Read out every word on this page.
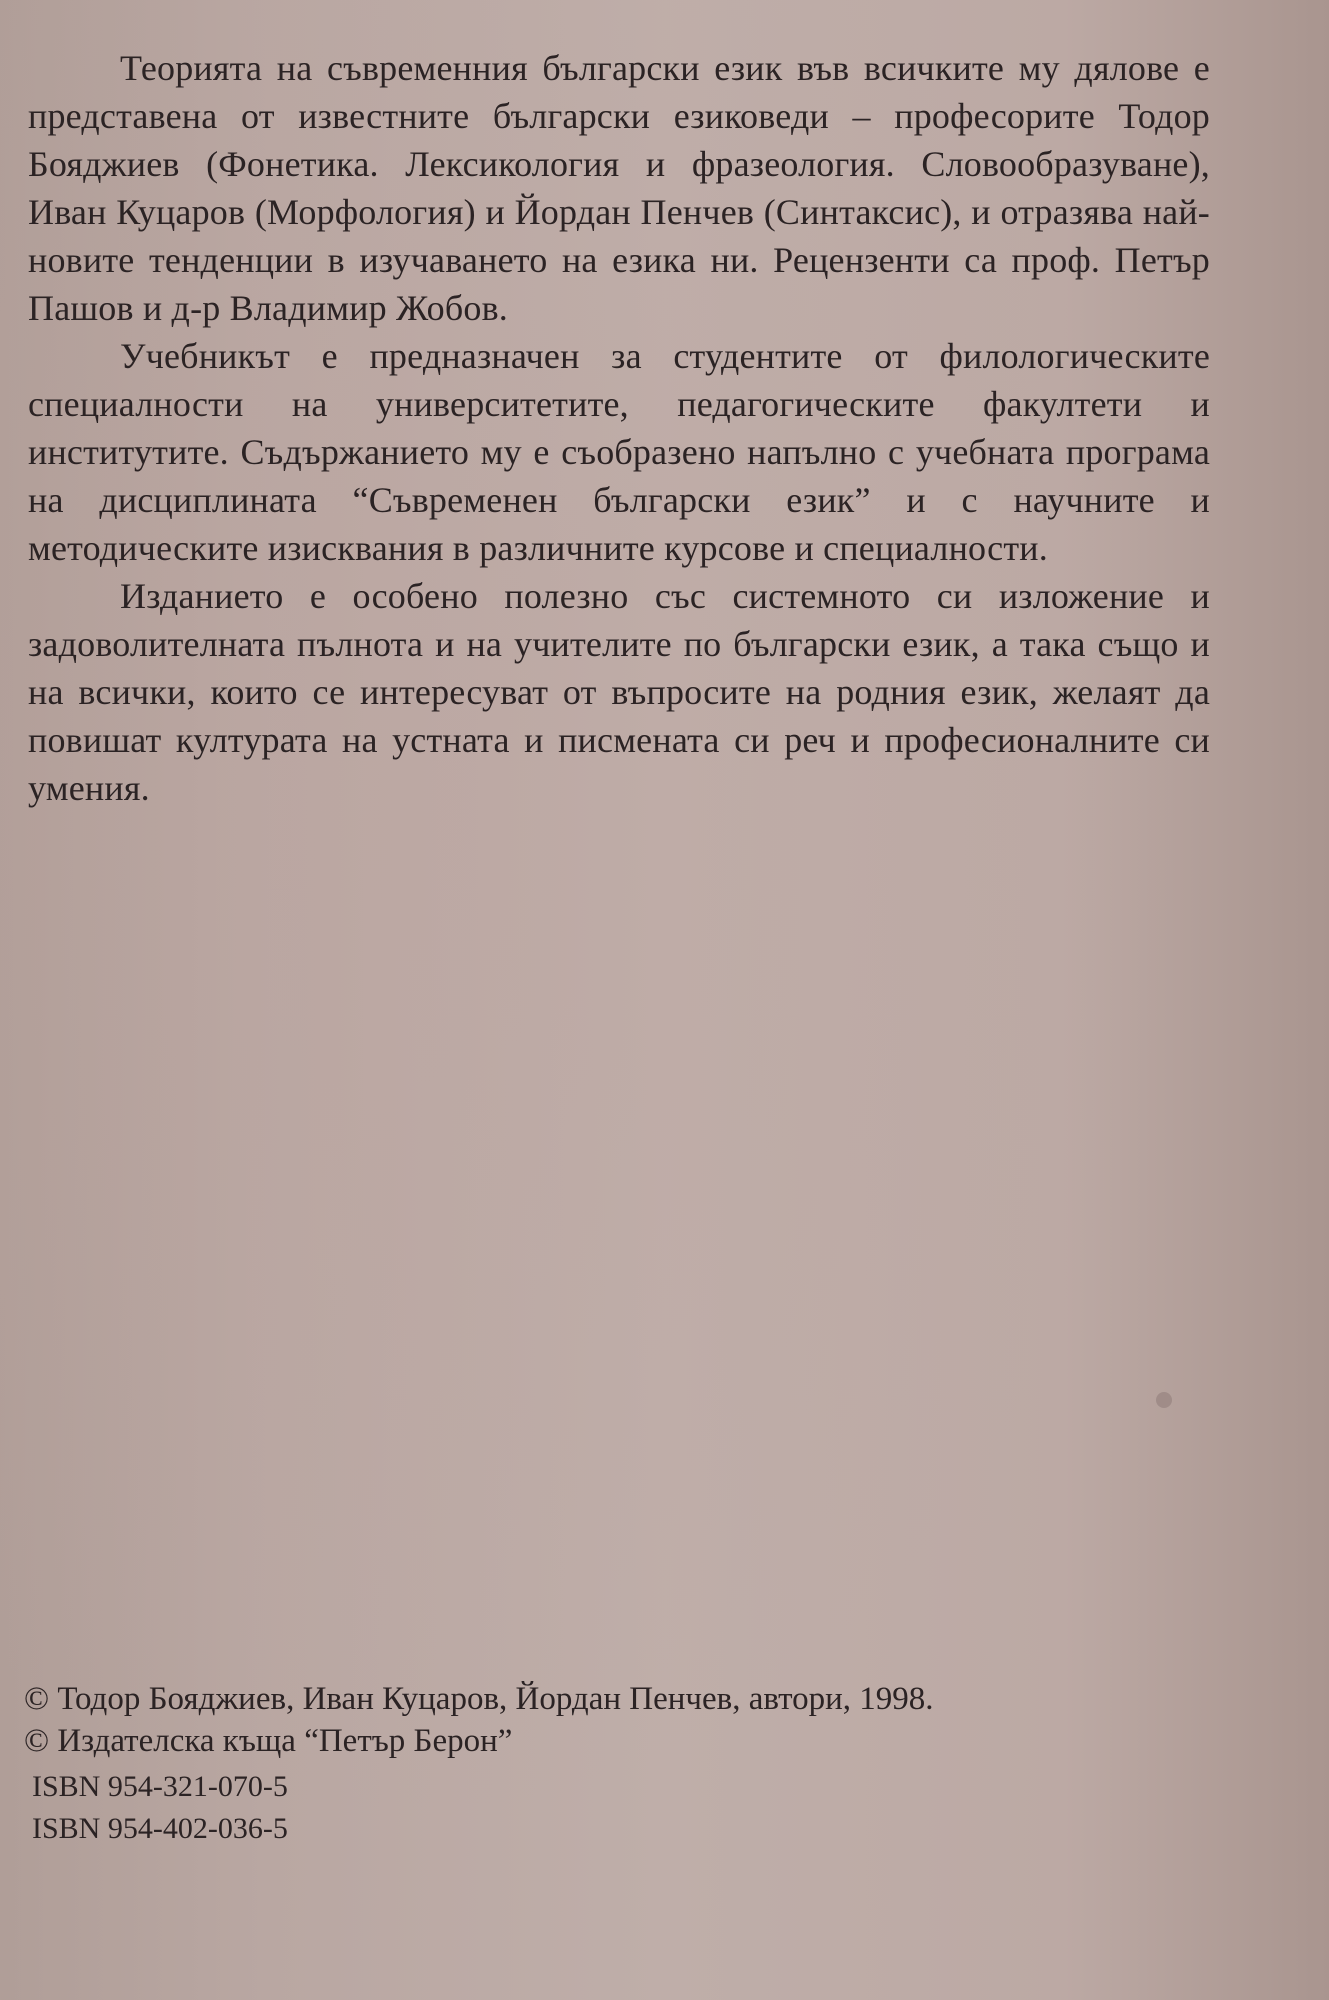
Теорията на съвременния български език във всичките му дялове е представена от известните български езиковеди – професорите Тодор Бояджиев (Фонетика. Лексикология и фразеология. Словообразуване), Иван Куцаров (Морфология) и Йордан Пенчев (Синтаксис), и отразява най-новите тенденции в изучаването на езика ни. Рецензенти са проф. Петър Пашов и д-р Владимир Жобов.

Учебникът е предназначен за студентите от филологическите специалности на университетите, педагогическите факултети и институтите. Съдържанието му е съобразено напълно с учебната програма на дисциплината “Съвременен български език” и с научните и методическите изисквания в различните курсове и специалности.

Изданието е особено полезно със системното си изложение и задоволителната пълнота и на учителите по български език, а така също и на всички, които се интересуват от въпросите на родния език, желаят да повишат културата на устната и писмената си реч и професионалните си умения.

© Тодор Бояджиев, Иван Куцаров, Йордан Пенчев, автори, 1998.

© Издателска къща “Петър Берон”

ISBN 954-321-070-5

ISBN 954-402-036-5
